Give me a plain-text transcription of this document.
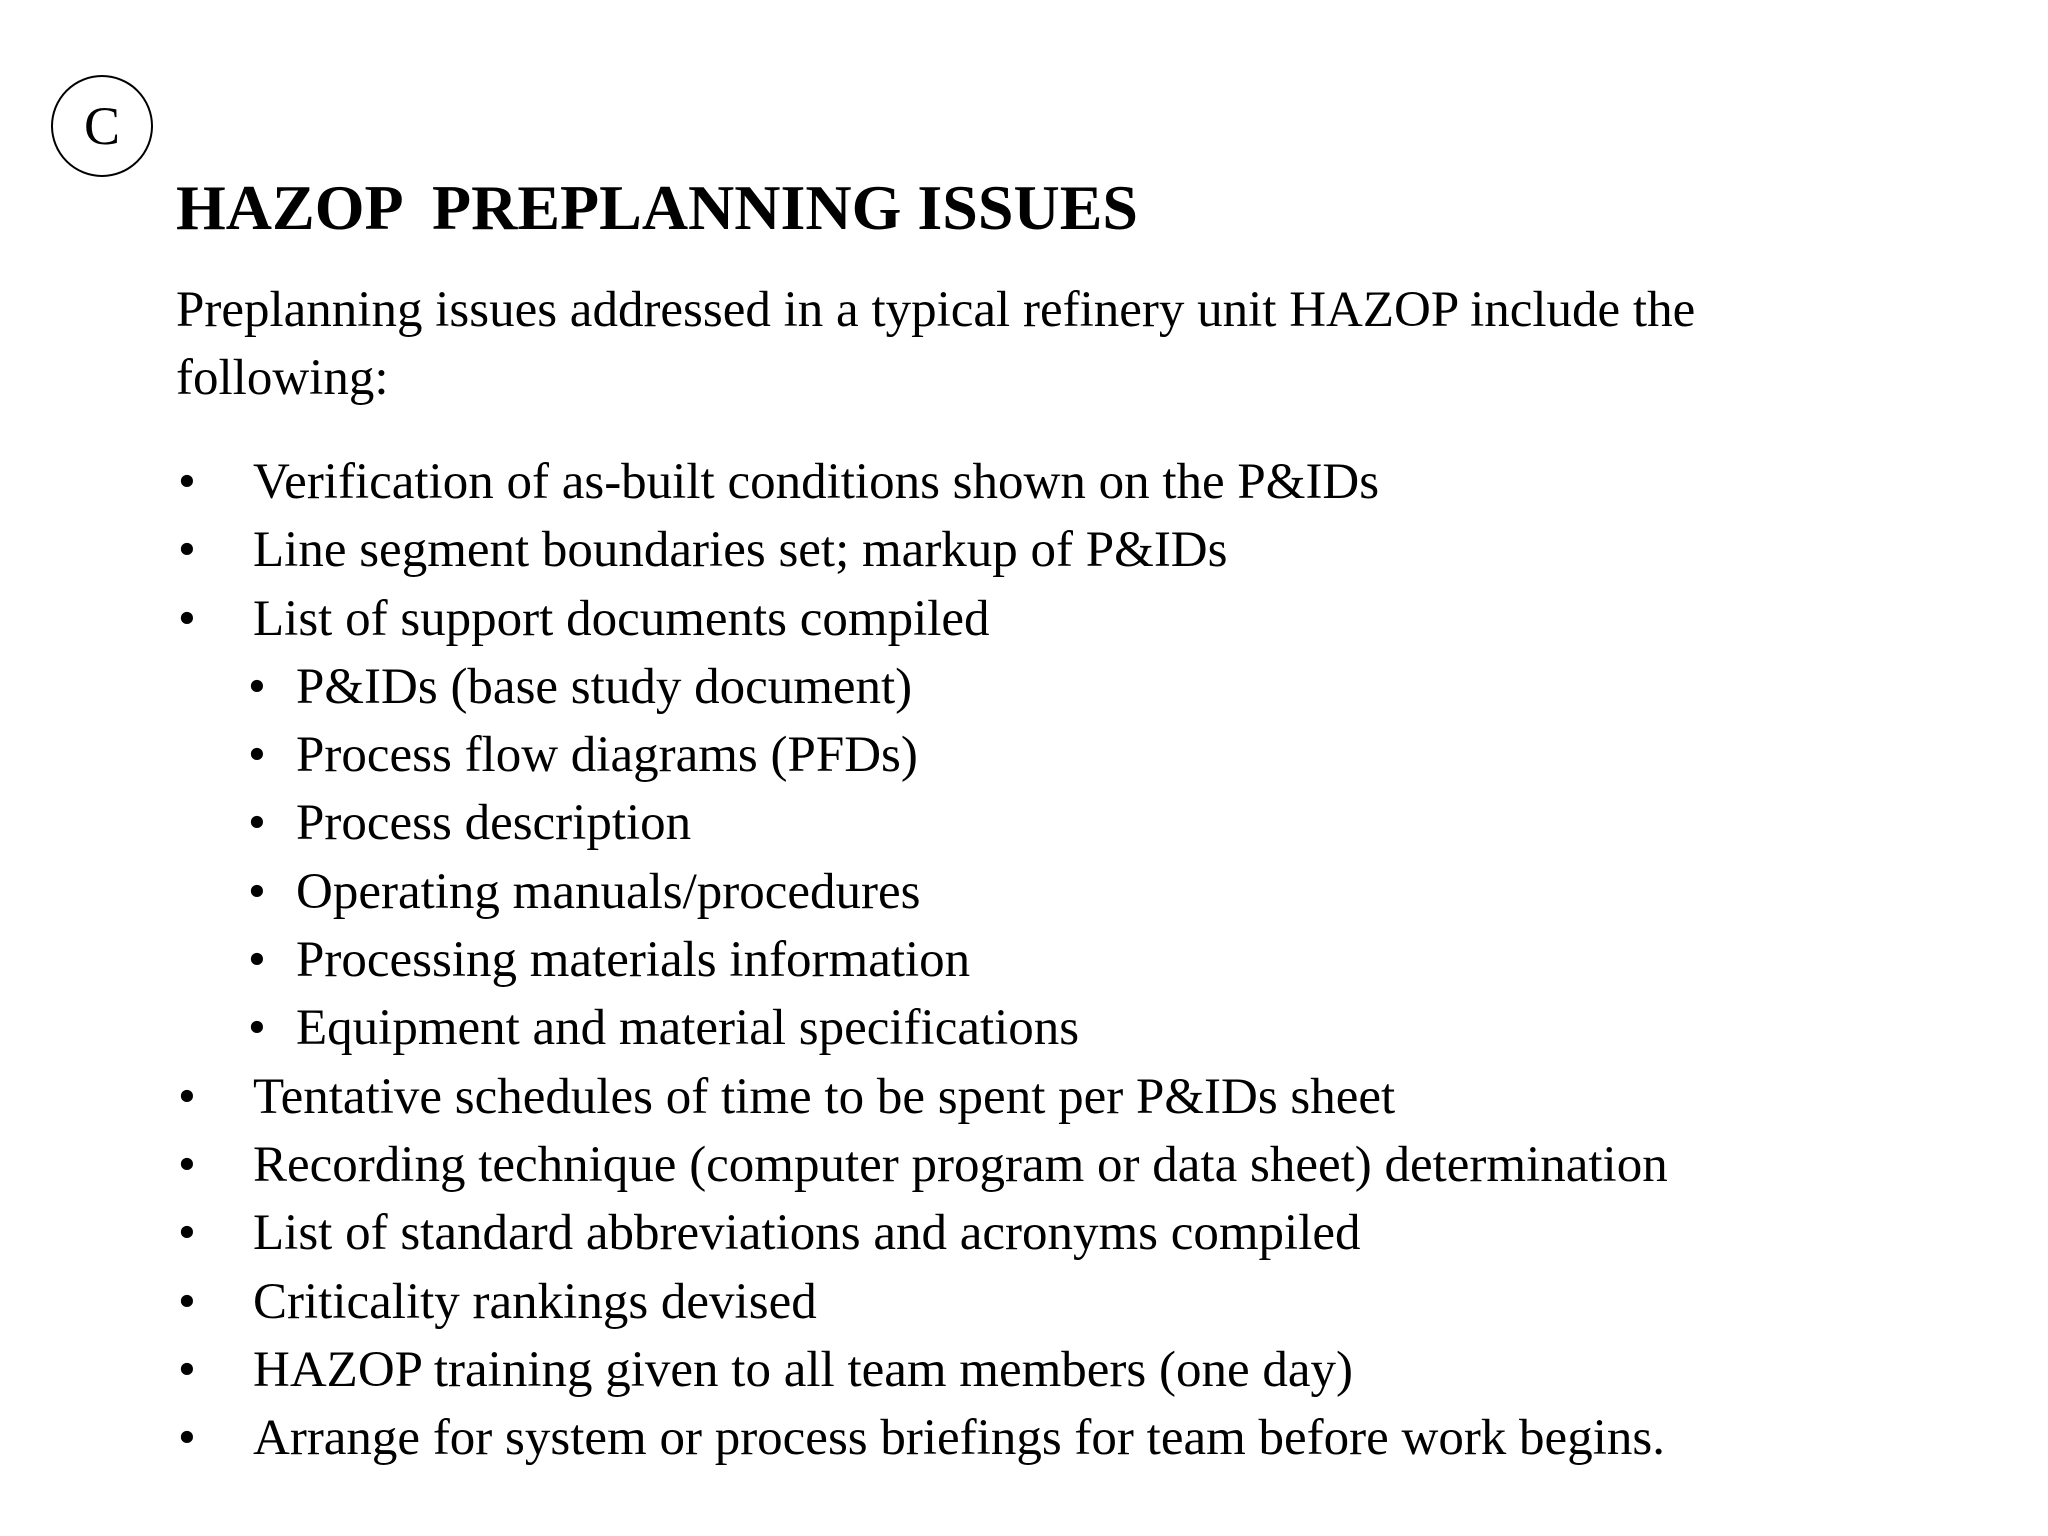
C
HAZOP  PREPLANNING ISSUES

Preplanning issues addressed in a typical refinery unit HAZOP include the following:

• Verification of as-built conditions shown on the P&IDs
• Line segment boundaries set; markup of P&IDs
• List of support documents compiled
• P&IDs (base study document)
• Process flow diagrams (PFDs)
• Process description
• Operating manuals/procedures
• Processing materials information
• Equipment and material specifications
• Tentative schedules of time to be spent per P&IDs sheet
• Recording technique (computer program or data sheet) determination
• List of standard abbreviations and acronyms compiled
• Criticality rankings devised
• HAZOP training given to all team members (one day)
• Arrange for system or process briefings for team before work begins.
